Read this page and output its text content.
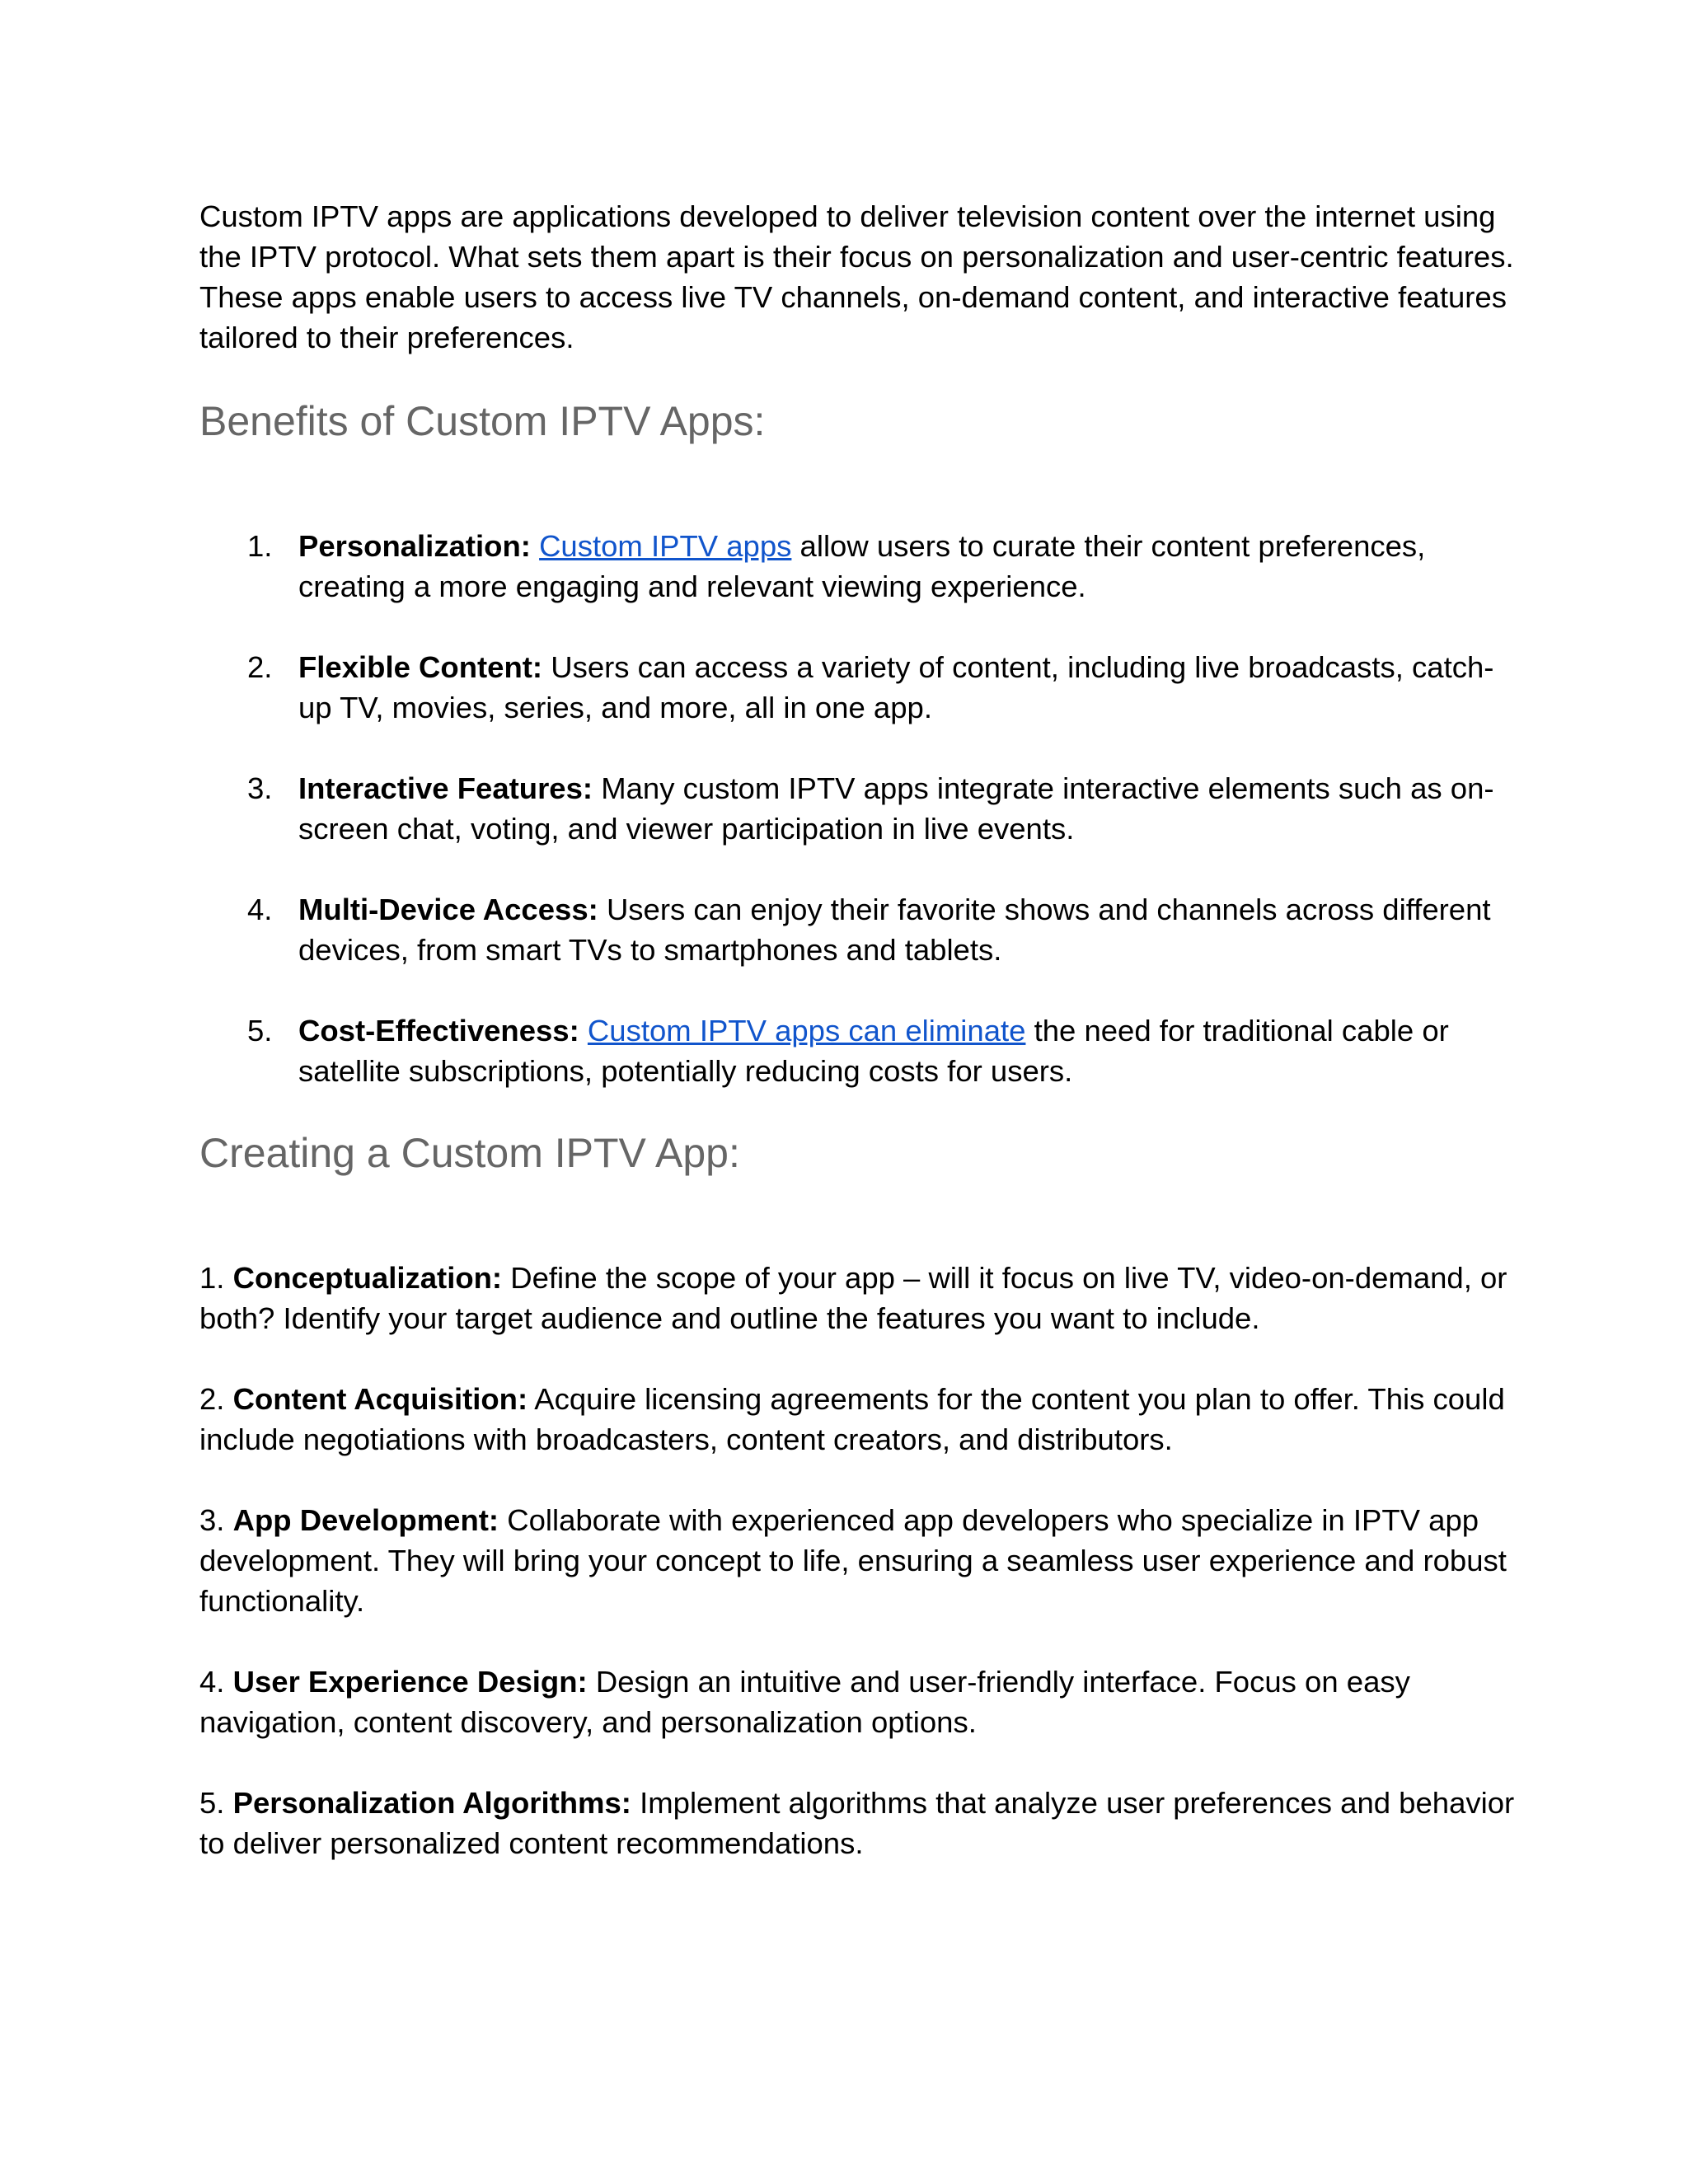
Custom IPTV apps are applications developed to deliver television content over the internet using the IPTV protocol. What sets them apart is their focus on personalization and user-centric features. These apps enable users to access live TV channels, on-demand content, and interactive features tailored to their preferences.

Benefits of Custom IPTV Apps:
1. Personalization: Custom IPTV apps allow users to curate their content preferences, creating a more engaging and relevant viewing experience.
2. Flexible Content: Users can access a variety of content, including live broadcasts, catch-up TV, movies, series, and more, all in one app.
3. Interactive Features: Many custom IPTV apps integrate interactive elements such as on-screen chat, voting, and viewer participation in live events.
4. Multi-Device Access: Users can enjoy their favorite shows and channels across different devices, from smart TVs to smartphones and tablets.
5. Cost-Effectiveness: Custom IPTV apps can eliminate the need for traditional cable or satellite subscriptions, potentially reducing costs for users.
Creating a Custom IPTV App:

1. Conceptualization: Define the scope of your app – will it focus on live TV, video-on-demand, or both? Identify your target audience and outline the features you want to include.

2. Content Acquisition: Acquire licensing agreements for the content you plan to offer. This could include negotiations with broadcasters, content creators, and distributors.

3. App Development: Collaborate with experienced app developers who specialize in IPTV app development. They will bring your concept to life, ensuring a seamless user experience and robust functionality.

4. User Experience Design: Design an intuitive and user-friendly interface. Focus on easy navigation, content discovery, and personalization options.

5. Personalization Algorithms: Implement algorithms that analyze user preferences and behavior to deliver personalized content recommendations.
